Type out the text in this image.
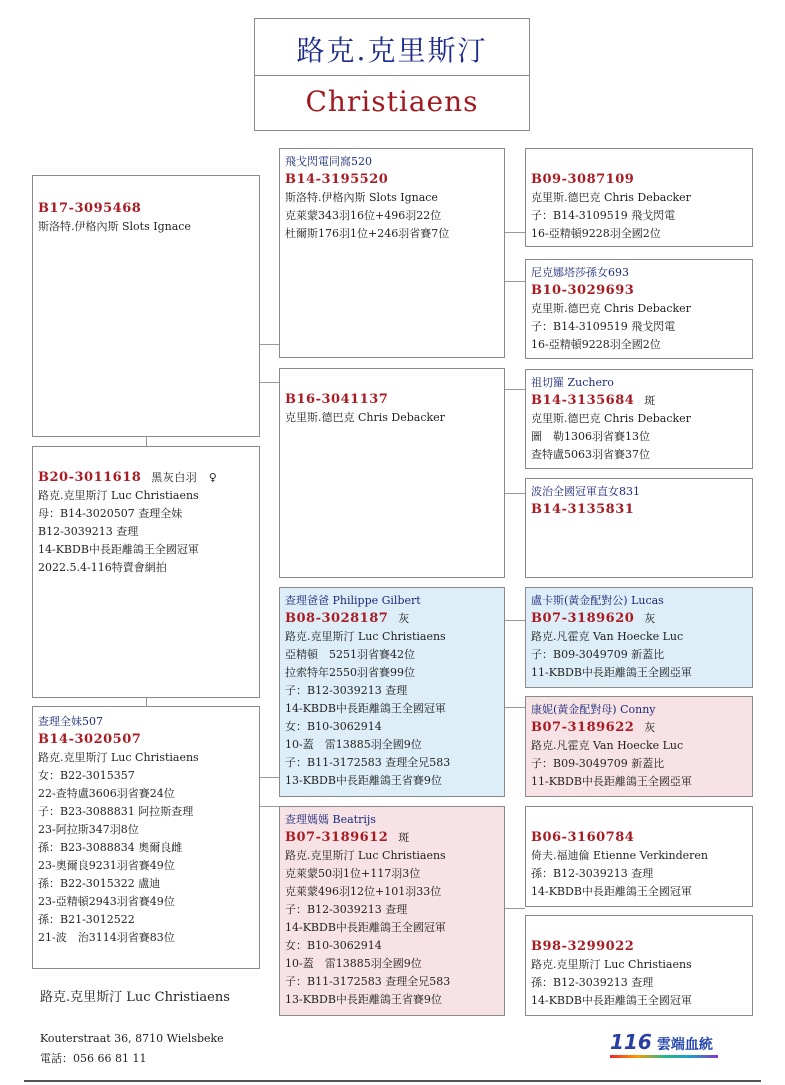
路克.克里斯汀
Christiaens
B17-3095468
斯洛特.伊格內斯 Slots Ignace
B20-3011618 黑灰白羽　♀
路克.克里斯汀 Luc Christiaens
母：B14-3020507 查理全妹
B12-3039213 查理
14-KBDB中長距離鴿王全國冠軍
2022.5.4-116特賣會網拍
查理全妹507
B14-3020507
路克.克里斯汀 Luc Christiaens
女：B22-3015357
22-查特盧3606羽省賽24位
子：B23-3088831 阿拉斯查理
23-阿拉斯347羽8位
孫：B23-3088834 奧爾良雌
23-奧爾良9231羽省賽49位
孫：B22-3015322 盧迪
23-亞精頓2943羽省賽49位
孫：B21-3012522
21-波　治3114羽省賽83位
飛戈閃電同窩520
B14-3195520
斯洛特.伊格內斯 Slots Ignace
克萊蒙343羽16位+496羽22位
杜爾斯176羽1位+246羽省賽7位
B16-3041137
克里斯.德巴克 Chris Debacker
查理爸爸 Philippe Gilbert
B08-3028187 灰
路克.克里斯汀 Luc Christiaens
亞精頓　5251羽省賽42位
拉索特年2550羽省賽99位
子：B12-3039213 查理
14-KBDB中長距離鴿王全國冠軍
女：B10-3062914
10-蓋　雷13885羽全國9位
子：B11-3172583 查理全兄583
13-KBDB中長距離鴿王省賽9位
查理媽媽 Beatrijs
B07-3189612 斑
路克.克里斯汀 Luc Christiaens
克萊蒙50羽1位+117羽3位
克萊蒙496羽12位+101羽33位
子：B12-3039213 查理
14-KBDB中長距離鴿王全國冠軍
女：B10-3062914
10-蓋　雷13885羽全國9位
子：B11-3172583 查理全兄583
13-KBDB中長距離鴿王省賽9位
B09-3087109
克里斯.德巴克 Chris Debacker
子：B14-3109519 飛戈閃電
16-亞精頓9228羽全國2位
尼克娜塔莎孫女693
B10-3029693
克里斯.德巴克 Chris Debacker
子：B14-3109519 飛戈閃電
16-亞精頓9228羽全國2位
祖切羅 Zuchero
B14-3135684 斑
克里斯.德巴克 Chris Debacker
圖　勒1306羽省賽13位
查特盧5063羽省賽37位
波治全國冠軍直女831
B14-3135831
盧卡斯(黃金配對公) Lucas
B07-3189620 灰
路克.凡霍克 Van Hoecke Luc
子：B09-3049709 新蓋比
11-KBDB中長距離鴿王全國亞軍
康妮(黃金配對母) Conny
B07-3189622 灰
路克.凡霍克 Van Hoecke Luc
子：B09-3049709 新蓋比
11-KBDB中長距離鴿王全國亞軍
B06-3160784
倚夫.福迪倫 Etienne Verkinderen
孫：B12-3039213 查理
14-KBDB中長距離鴿王全國冠軍
B98-3299022
路克.克里斯汀 Luc Christiaens
孫：B12-3039213 查理
14-KBDB中長距離鴿王全國冠軍
路克.克里斯汀 Luc Christiaens
Kouterstraat 36, 8710 Wielsbeke
電話：056 66 81 11
116 雲端血統
